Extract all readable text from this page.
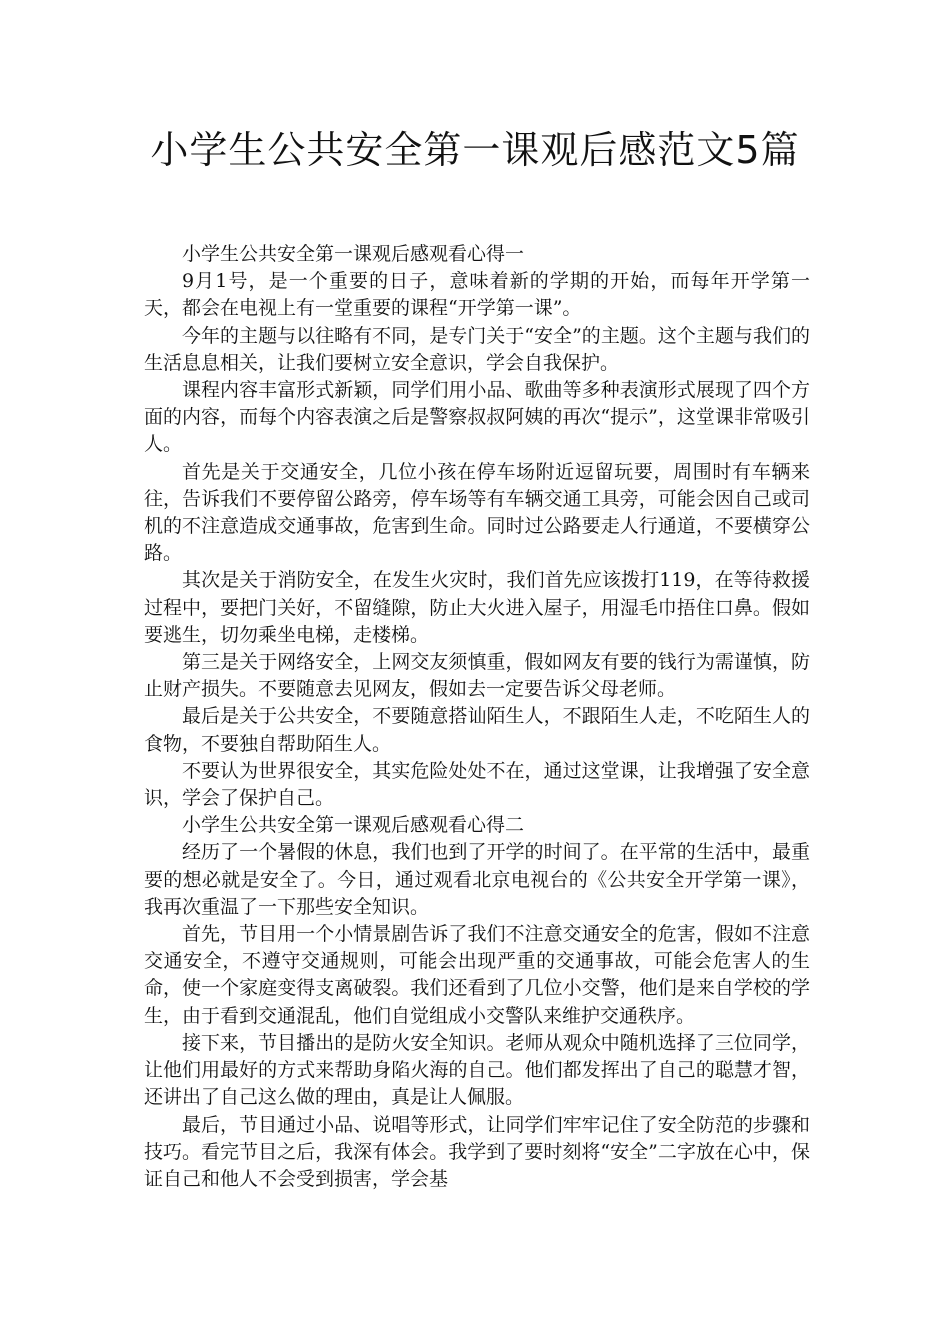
小学生公共安全第一课观后感范文5篇

小学生公共安全第一课观后感观看心得一

9月1号，是一个重要的日子，意味着新的学期的开始，而每年开学第一天，都会在电视上有一堂重要的课程“开学第一课”。

今年的主题与以往略有不同，是专门关于“安全”的主题。这个主题与我们的生活息息相关，让我们要树立安全意识，学会自我保护。

课程内容丰富形式新颖，同学们用小品、歌曲等多种表演形式展现了四个方面的内容，而每个内容表演之后是警察叔叔阿姨的再次“提示”，这堂课非常吸引人。

首先是关于交通安全，几位小孩在停车场附近逗留玩要，周围时有车辆来往，告诉我们不要停留公路旁，停车场等有车辆交通工具旁，可能会因自己或司机的不注意造成交通事故，危害到生命。同时过公路要走人行通道，不要横穿公路。

其次是关于消防安全，在发生火灾时，我们首先应该拨打119，在等待救援过程中，要把门关好，不留缝隙，防止大火进入屋子，用湿毛巾捂住口鼻。假如要逃生，切勿乘坐电梯，走楼梯。

第三是关于网络安全，上网交友须慎重，假如网友有要的钱行为需谨慎，防止财产损失。不要随意去见网友，假如去一定要告诉父母老师。

最后是关于公共安全，不要随意搭讪陌生人，不跟陌生人走，不吃陌生人的食物，不要独自帮助陌生人。

不要认为世界很安全，其实危险处处不在，通过这堂课，让我增强了安全意识，学会了保护自己。

小学生公共安全第一课观后感观看心得二

经历了一个暑假的休息，我们也到了开学的时间了。在平常的生活中，最重要的想必就是安全了。今日，通过观看北京电视台的《公共安全开学第一课》，我再次重温了一下那些安全知识。

首先，节目用一个小情景剧告诉了我们不注意交通安全的危害，假如不注意交通安全，不遵守交通规则，可能会出现严重的交通事故，可能会危害人的生命，使一个家庭变得支离破裂。我们还看到了几位小交警，他们是来自学校的学生，由于看到交通混乱，他们自觉组成小交警队来维护交通秩序。

接下来，节目播出的是防火安全知识。老师从观众中随机选择了三位同学，让他们用最好的方式来帮助身陷火海的自己。他们都发挥出了自己的聪慧才智，还讲出了自己这么做的理由，真是让人佩服。

最后，节目通过小品、说唱等形式，让同学们牢牢记住了安全防范的步骤和技巧。看完节目之后，我深有体会。我学到了要时刻将“安全”二字放在心中，保证自己和他人不会受到损害，学会基
